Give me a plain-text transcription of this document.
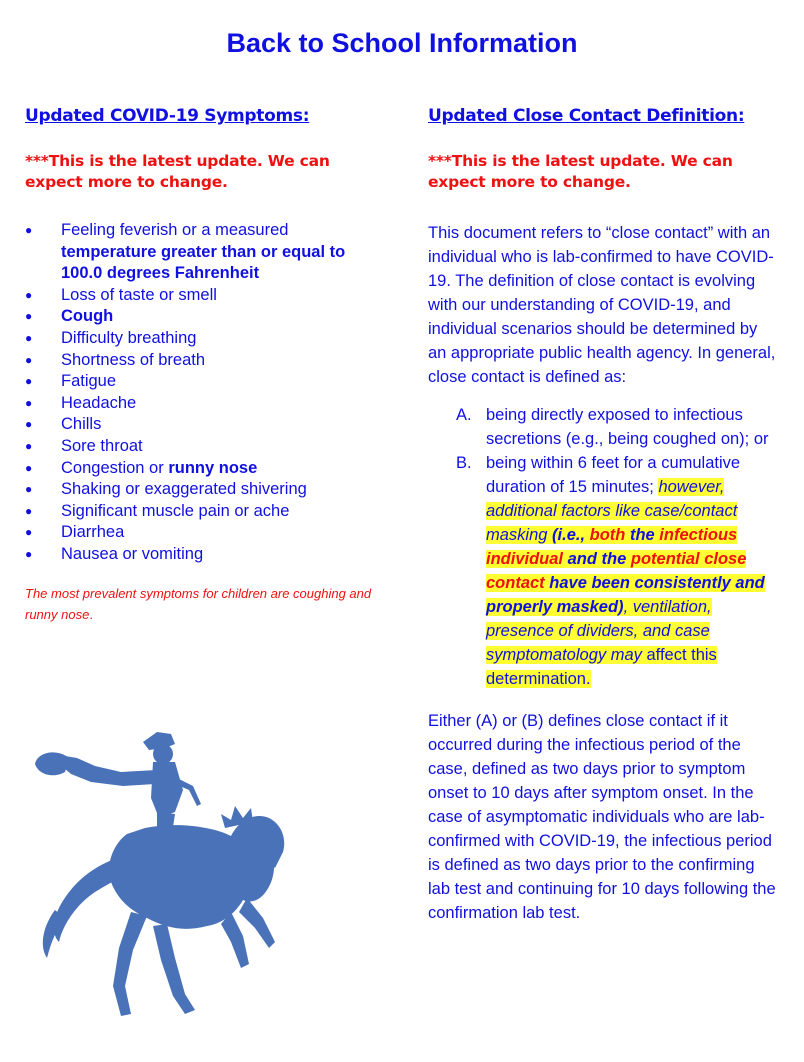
Back to School Information

Updated COVID-19 Symptoms:

***This is the latest update. We can expect more to change.
● Feeling feverish or a measured temperature greater than or equal to 100.0 degrees Fahrenheit
● Loss of taste or smell
● Cough
● Difficulty breathing
● Shortness of breath
● Fatigue
● Headache
● Chills
● Sore throat
● Congestion or runny nose
● Shaking or exaggerated shivering
● Significant muscle pain or ache
● Diarrhea
● Nausea or vomiting
The most prevalent symptoms for children are coughing and runny nose.

Updated Close Contact Definition:

***This is the latest update. We can expect more to change.
This document refers to “close contact” with an individual who is lab-confirmed to have COVID-19. The definition of close contact is evolving with our understanding of COVID-19, and individual scenarios should be determined by an appropriate public health agency. In general, close contact is defined as:
A. being directly exposed to infectious secretions (e.g., being coughed on); or
B. being within 6 feet for a cumulative duration of 15 minutes; however, additional factors like case/contact masking (i.e., both the infectious individual and the potential close contact have been consistently and properly masked), ventilation, presence of dividers, and case symptomatology may affect this determination.
Either (A) or (B) defines close contact if it occurred during the infectious period of the case, defined as two days prior to symptom onset to 10 days after symptom onset. In the case of asymptomatic individuals who are lab-confirmed with COVID-19, the infectious period is defined as two days prior to the confirming lab test and continuing for 10 days following the confirmation lab test.
